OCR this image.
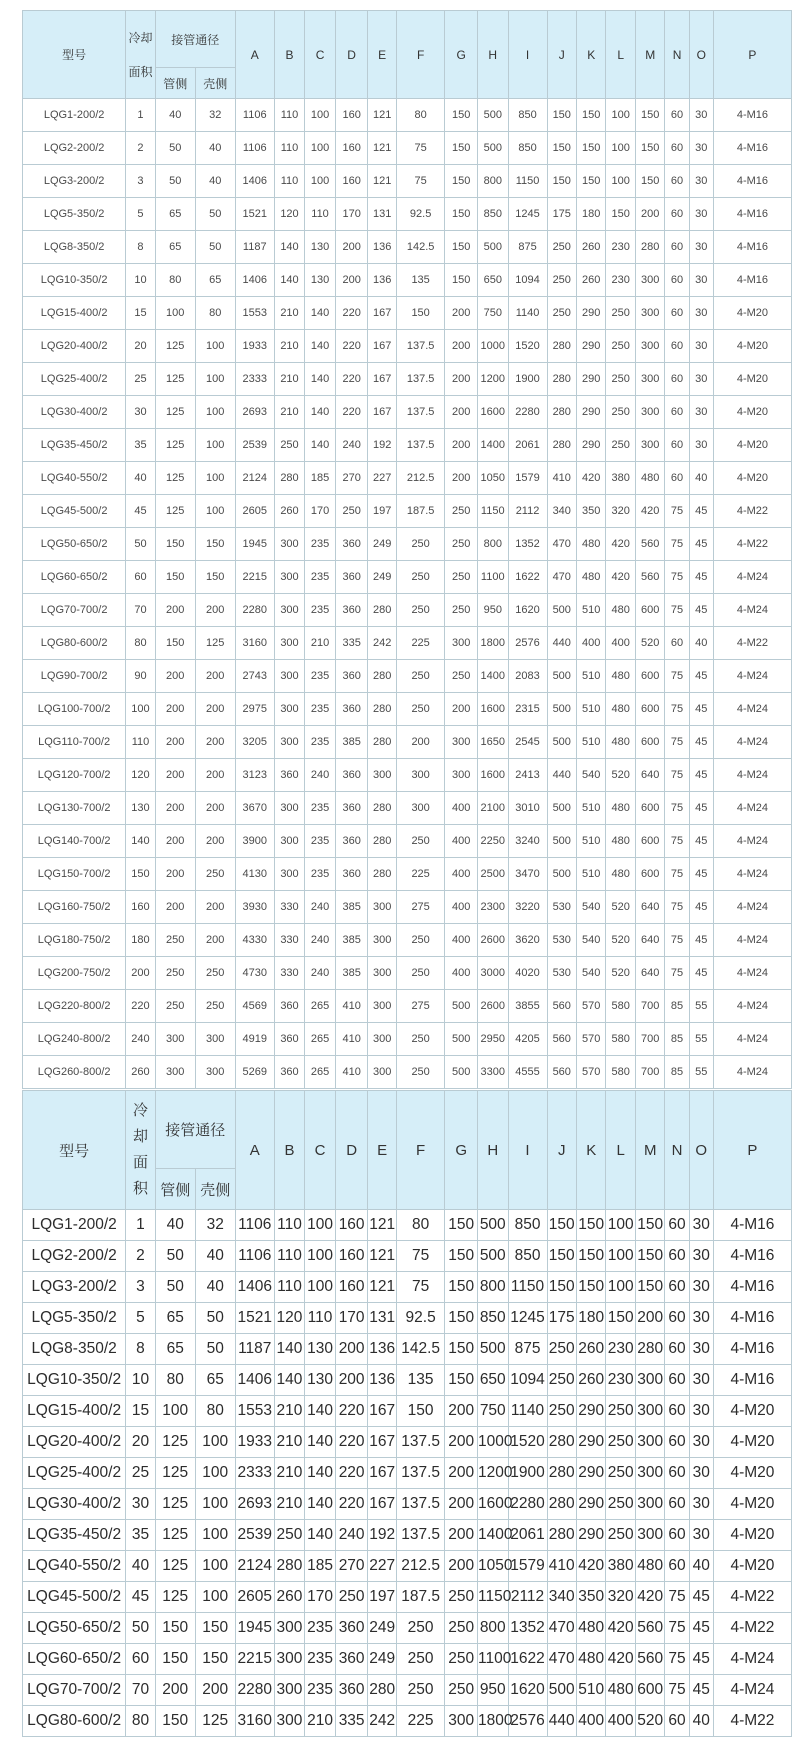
型号	冷却
面积	接管通径		A	B	C	D	E	F	G	H	I	J	K	L	M	N	O	P
		管侧	壳侧																
LQG1-200/2	1	40	32	1106	110	100	160	121	80	150	500	850	150	150	100	150	60	30	4-M16
LQG2-200/2	2	50	40	1106	110	100	160	121	75	150	500	850	150	150	100	150	60	30	4-M16
LQG3-200/2	3	50	40	1406	110	100	160	121	75	150	800	1150	150	150	100	150	60	30	4-M16
LQG5-350/2	5	65	50	1521	120	110	170	131	92.5	150	850	1245	175	180	150	200	60	30	4-M16
LQG8-350/2	8	65	50	1187	140	130	200	136	142.5	150	500	875	250	260	230	280	60	30	4-M16
LQG10-350/2	10	80	65	1406	140	130	200	136	135	150	650	1094	250	260	230	300	60	30	4-M16
LQG15-400/2	15	100	80	1553	210	140	220	167	150	200	750	1140	250	290	250	300	60	30	4-M20
LQG20-400/2	20	125	100	1933	210	140	220	167	137.5	200	1000	1520	280	290	250	300	60	30	4-M20
LQG25-400/2	25	125	100	2333	210	140	220	167	137.5	200	1200	1900	280	290	250	300	60	30	4-M20
LQG30-400/2	30	125	100	2693	210	140	220	167	137.5	200	1600	2280	280	290	250	300	60	30	4-M20
LQG35-450/2	35	125	100	2539	250	140	240	192	137.5	200	1400	2061	280	290	250	300	60	30	4-M20
LQG40-550/2	40	125	100	2124	280	185	270	227	212.5	200	1050	1579	410	420	380	480	60	40	4-M20
LQG45-500/2	45	125	100	2605	260	170	250	197	187.5	250	1150	2112	340	350	320	420	75	45	4-M22
LQG50-650/2	50	150	150	1945	300	235	360	249	250	250	800	1352	470	480	420	560	75	45	4-M22
LQG60-650/2	60	150	150	2215	300	235	360	249	250	250	1100	1622	470	480	420	560	75	45	4-M24
LQG70-700/2	70	200	200	2280	300	235	360	280	250	250	950	1620	500	510	480	600	75	45	4-M24
LQG80-600/2	80	150	125	3160	300	210	335	242	225	300	1800	2576	440	400	400	520	60	40	4-M22
LQG90-700/2	90	200	200	2743	300	235	360	280	250	250	1400	2083	500	510	480	600	75	45	4-M24
LQG100-700/2	100	200	200	2975	300	235	360	280	250	200	1600	2315	500	510	480	600	75	45	4-M24
LQG110-700/2	110	200	200	3205	300	235	385	280	200	300	1650	2545	500	510	480	600	75	45	4-M24
LQG120-700/2	120	200	200	3123	360	240	360	300	300	300	1600	2413	440	540	520	640	75	45	4-M24
LQG130-700/2	130	200	200	3670	300	235	360	280	300	400	2100	3010	500	510	480	600	75	45	4-M24
LQG140-700/2	140	200	200	3900	300	235	360	280	250	400	2250	3240	500	510	480	600	75	45	4-M24
LQG150-700/2	150	200	250	4130	300	235	360	280	225	400	2500	3470	500	510	480	600	75	45	4-M24
LQG160-750/2	160	200	200	3930	330	240	385	300	275	400	2300	3220	530	540	520	640	75	45	4-M24
LQG180-750/2	180	250	200	4330	330	240	385	300	250	400	2600	3620	530	540	520	640	75	45	4-M24
LQG200-750/2	200	250	250	4730	330	240	385	300	250	400	3000	4020	530	540	520	640	75	45	4-M24
LQG220-800/2	220	250	250	4569	360	265	410	300	275	500	2600	3855	560	570	580	700	85	55	4-M24
LQG240-800/2	240	300	300	4919	360	265	410	300	250	500	2950	4205	560	570	580	700	85	55	4-M24
LQG260-800/2	260	300	300	5269	360	265	410	300	250	500	3300	4555	560	570	580	700	85	55	4-M24
型号	冷
却
面
积	接管通径		A	B	C	D	E	F	G	H	I	J	K	L	M	N	O	P
		管侧	壳侧																
LQG1-200/2	1	40	32	1106	110	100	160	121	80	150	500	850	150	150	100	150	60	30	4-M16
LQG2-200/2	2	50	40	1106	110	100	160	121	75	150	500	850	150	150	100	150	60	30	4-M16
LQG3-200/2	3	50	40	1406	110	100	160	121	75	150	800	1150	150	150	100	150	60	30	4-M16
LQG5-350/2	5	65	50	1521	120	110	170	131	92.5	150	850	1245	175	180	150	200	60	30	4-M16
LQG8-350/2	8	65	50	1187	140	130	200	136	142.5	150	500	875	250	260	230	280	60	30	4-M16
LQG10-350/2	10	80	65	1406	140	130	200	136	135	150	650	1094	250	260	230	300	60	30	4-M16
LQG15-400/2	15	100	80	1553	210	140	220	167	150	200	750	1140	250	290	250	300	60	30	4-M20
LQG20-400/2	20	125	100	1933	210	140	220	167	137.5	200	1000	1520	280	290	250	300	60	30	4-M20
LQG25-400/2	25	125	100	2333	210	140	220	167	137.5	200	1200	1900	280	290	250	300	60	30	4-M20
LQG30-400/2	30	125	100	2693	210	140	220	167	137.5	200	1600	2280	280	290	250	300	60	30	4-M20
LQG35-450/2	35	125	100	2539	250	140	240	192	137.5	200	1400	2061	280	290	250	300	60	30	4-M20
LQG40-550/2	40	125	100	2124	280	185	270	227	212.5	200	1050	1579	410	420	380	480	60	40	4-M20
LQG45-500/2	45	125	100	2605	260	170	250	197	187.5	250	1150	2112	340	350	320	420	75	45	4-M22
LQG50-650/2	50	150	150	1945	300	235	360	249	250	250	800	1352	470	480	420	560	75	45	4-M22
LQG60-650/2	60	150	150	2215	300	235	360	249	250	250	1100	1622	470	480	420	560	75	45	4-M24
LQG70-700/2	70	200	200	2280	300	235	360	280	250	250	950	1620	500	510	480	600	75	45	4-M24
LQG80-600/2	80	150	125	3160	300	210	335	242	225	300	1800	2576	440	400	400	520	60	40	4-M22
